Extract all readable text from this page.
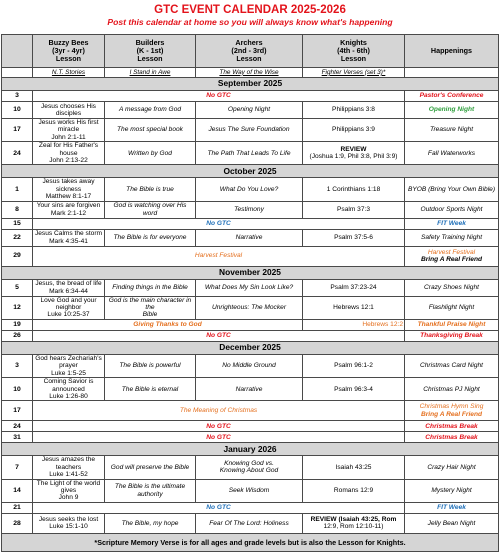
GTC EVENT CALENDAR 2025-2026
Post this calendar at home so you will always know what's happening

	Buzzy Bees
(3yr - 4yr)
Lesson	Builders
(K - 1st)
Lesson	Archers
(2nd - 3rd)
Lesson	Knights
(4th - 6th)
Lesson	Happenings
	N.T. Stories	I Stand in Awe	The Way of the Wise	Fighter Verses (set 3)*	
September 2025					
3	No GTC				Pastor's Conference
10	Jesus chooses His disciples	A message from God	Opening Night	Philippians 3:8	Opening Night
17	Jesus works His first miracle
John 2:1-11	The most special book	Jesus The Sure Foundation	Philippians 3:9	Treasure Night
24	Zeal for His Father's house
John 2:13-22	Written by God	The Path That Leads To Life	REVIEW
(Joshua 1:9, Phil 3:8, Phil 3:9)	Fall Waterworks
October 2025					
1	Jesus takes away sickness
Matthew 8:1-17	The Bible is true	What Do You Love?	1 Corinthians 1:18	BYOB (Bring Your Own Bible)
8	Your sins are forgiven
Mark 2:1-12	God is watching over His word	Testimony	Psalm 37:3	Outdoor Sports Night
15	No GTC				FIT Week
22	Jesus Calms the storm
Mark 4:35-41	The Bible is for everyone	Narrative	Psalm 37:5-6	Safety Training Night
29	Harvest Festival				Harvest Festival
Bring A Real Friend

November 2025					
5	Jesus, the bread of life
Mark 6:34-44	Finding things in the Bible	What Does My Sin Look Like?	Psalm 37:23-24	Crazy Shoes Night
12	Love God and your neighbor
Luke 10:25-37	God is the main character in the
Bible	Unrighteous: The Mocker	Hebrews 12:1	Flashlight Night
19	Giving Thanks to God			Hebrews 12:2	Thankful Praise Night
26	No GTC				Thanksgiving Break
December 2025					
3	God hears Zechariah's prayer
Luke 1:5-25	The Bible is powerful	No Middle Ground	Psalm 96:1-2	Christmas Card Night
10	Coming Savior is announced
Luke 1:26-80	The Bible is eternal	Narrative	Psalm 96:3-4	Christmas PJ Night
17	The Meaning of Christmas				Christmas Hymn Sing
Bring A Real Friend

24	No GTC				Christmas Break
31	No GTC				Christmas Break
January 2026					
7	Jesus amazes the teachers
Luke 1:41-52	God will preserve the Bible	Knowing God vs.
Knowing About God	Isaiah 43:25	Crazy Hair Night
14	The Light of the world gives
John 9	The Bible is the ultimate authority	Seek Wisdom	Romans 12:9	Mystery Night
21	No GTC				FIT Week
28	Jesus seeks the lost
Luke 15:1-10	The Bible, my hope	Fear Of The Lord: Holiness	REVIEW (Isaiah 43:25, Rom
12:9, Rom 12:10-11)	Jelly Bean Night
*Scripture Memory Verse is for all ages and grade levels but is also the Lesson for Knights.					
